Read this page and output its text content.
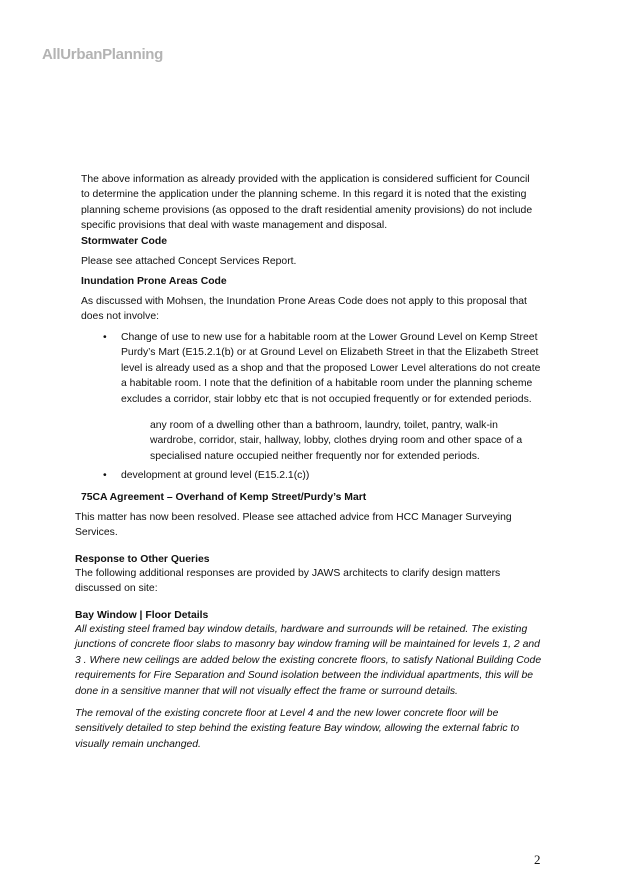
AllUrbanPlanning

The above information as already provided with the application is considered sufficient for Council to determine the application under the planning scheme. In this regard it is noted that the existing planning scheme provisions (as opposed to the draft residential amenity provisions) do not include specific provisions that deal with waste management and disposal.

Stormwater Code

Please see attached Concept Services Report.

Inundation Prone Areas Code

As discussed with Mohsen, the Inundation Prone Areas Code does not apply to this proposal that does not involve:

• Change of use to new use for a habitable room at the Lower Ground Level on Kemp Street Purdy’s Mart (E15.2.1(b) or at Ground Level on Elizabeth Street in that the Elizabeth Street level is already used as a shop and that the proposed Lower Level alterations do not create a habitable room. I note that the definition of a habitable room under the planning scheme excludes a corridor, stair lobby etc that is not occupied frequently or for extended periods.

any room of a dwelling other than a bathroom, laundry, toilet, pantry, walk-in wardrobe, corridor, stair, hallway, lobby, clothes drying room and other space of a specialised nature occupied neither frequently nor for extended periods.

• development at ground level (E15.2.1(c))

75CA Agreement – Overhand of Kemp Street/Purdy’s Mart

This matter has now been resolved. Please see attached advice from HCC Manager Surveying Services.

Response to Other Queries

The following additional responses are provided by JAWS architects to clarify design matters discussed on site:

Bay Window | Floor Details

All existing steel framed bay window details, hardware and surrounds will be retained. The existing junctions of concrete floor slabs to masonry bay window framing will be maintained for levels 1, 2 and 3 . Where new ceilings are added below the existing concrete floors, to satisfy National Building Code requirements for Fire Separation and Sound isolation between the individual apartments, this will be done in a sensitive manner that will not visually effect the frame or surround details.

The removal of the existing concrete floor at Level 4 and the new lower concrete floor will be sensitively detailed to step behind the existing feature Bay window, allowing the external fabric to visually remain unchanged.

2
